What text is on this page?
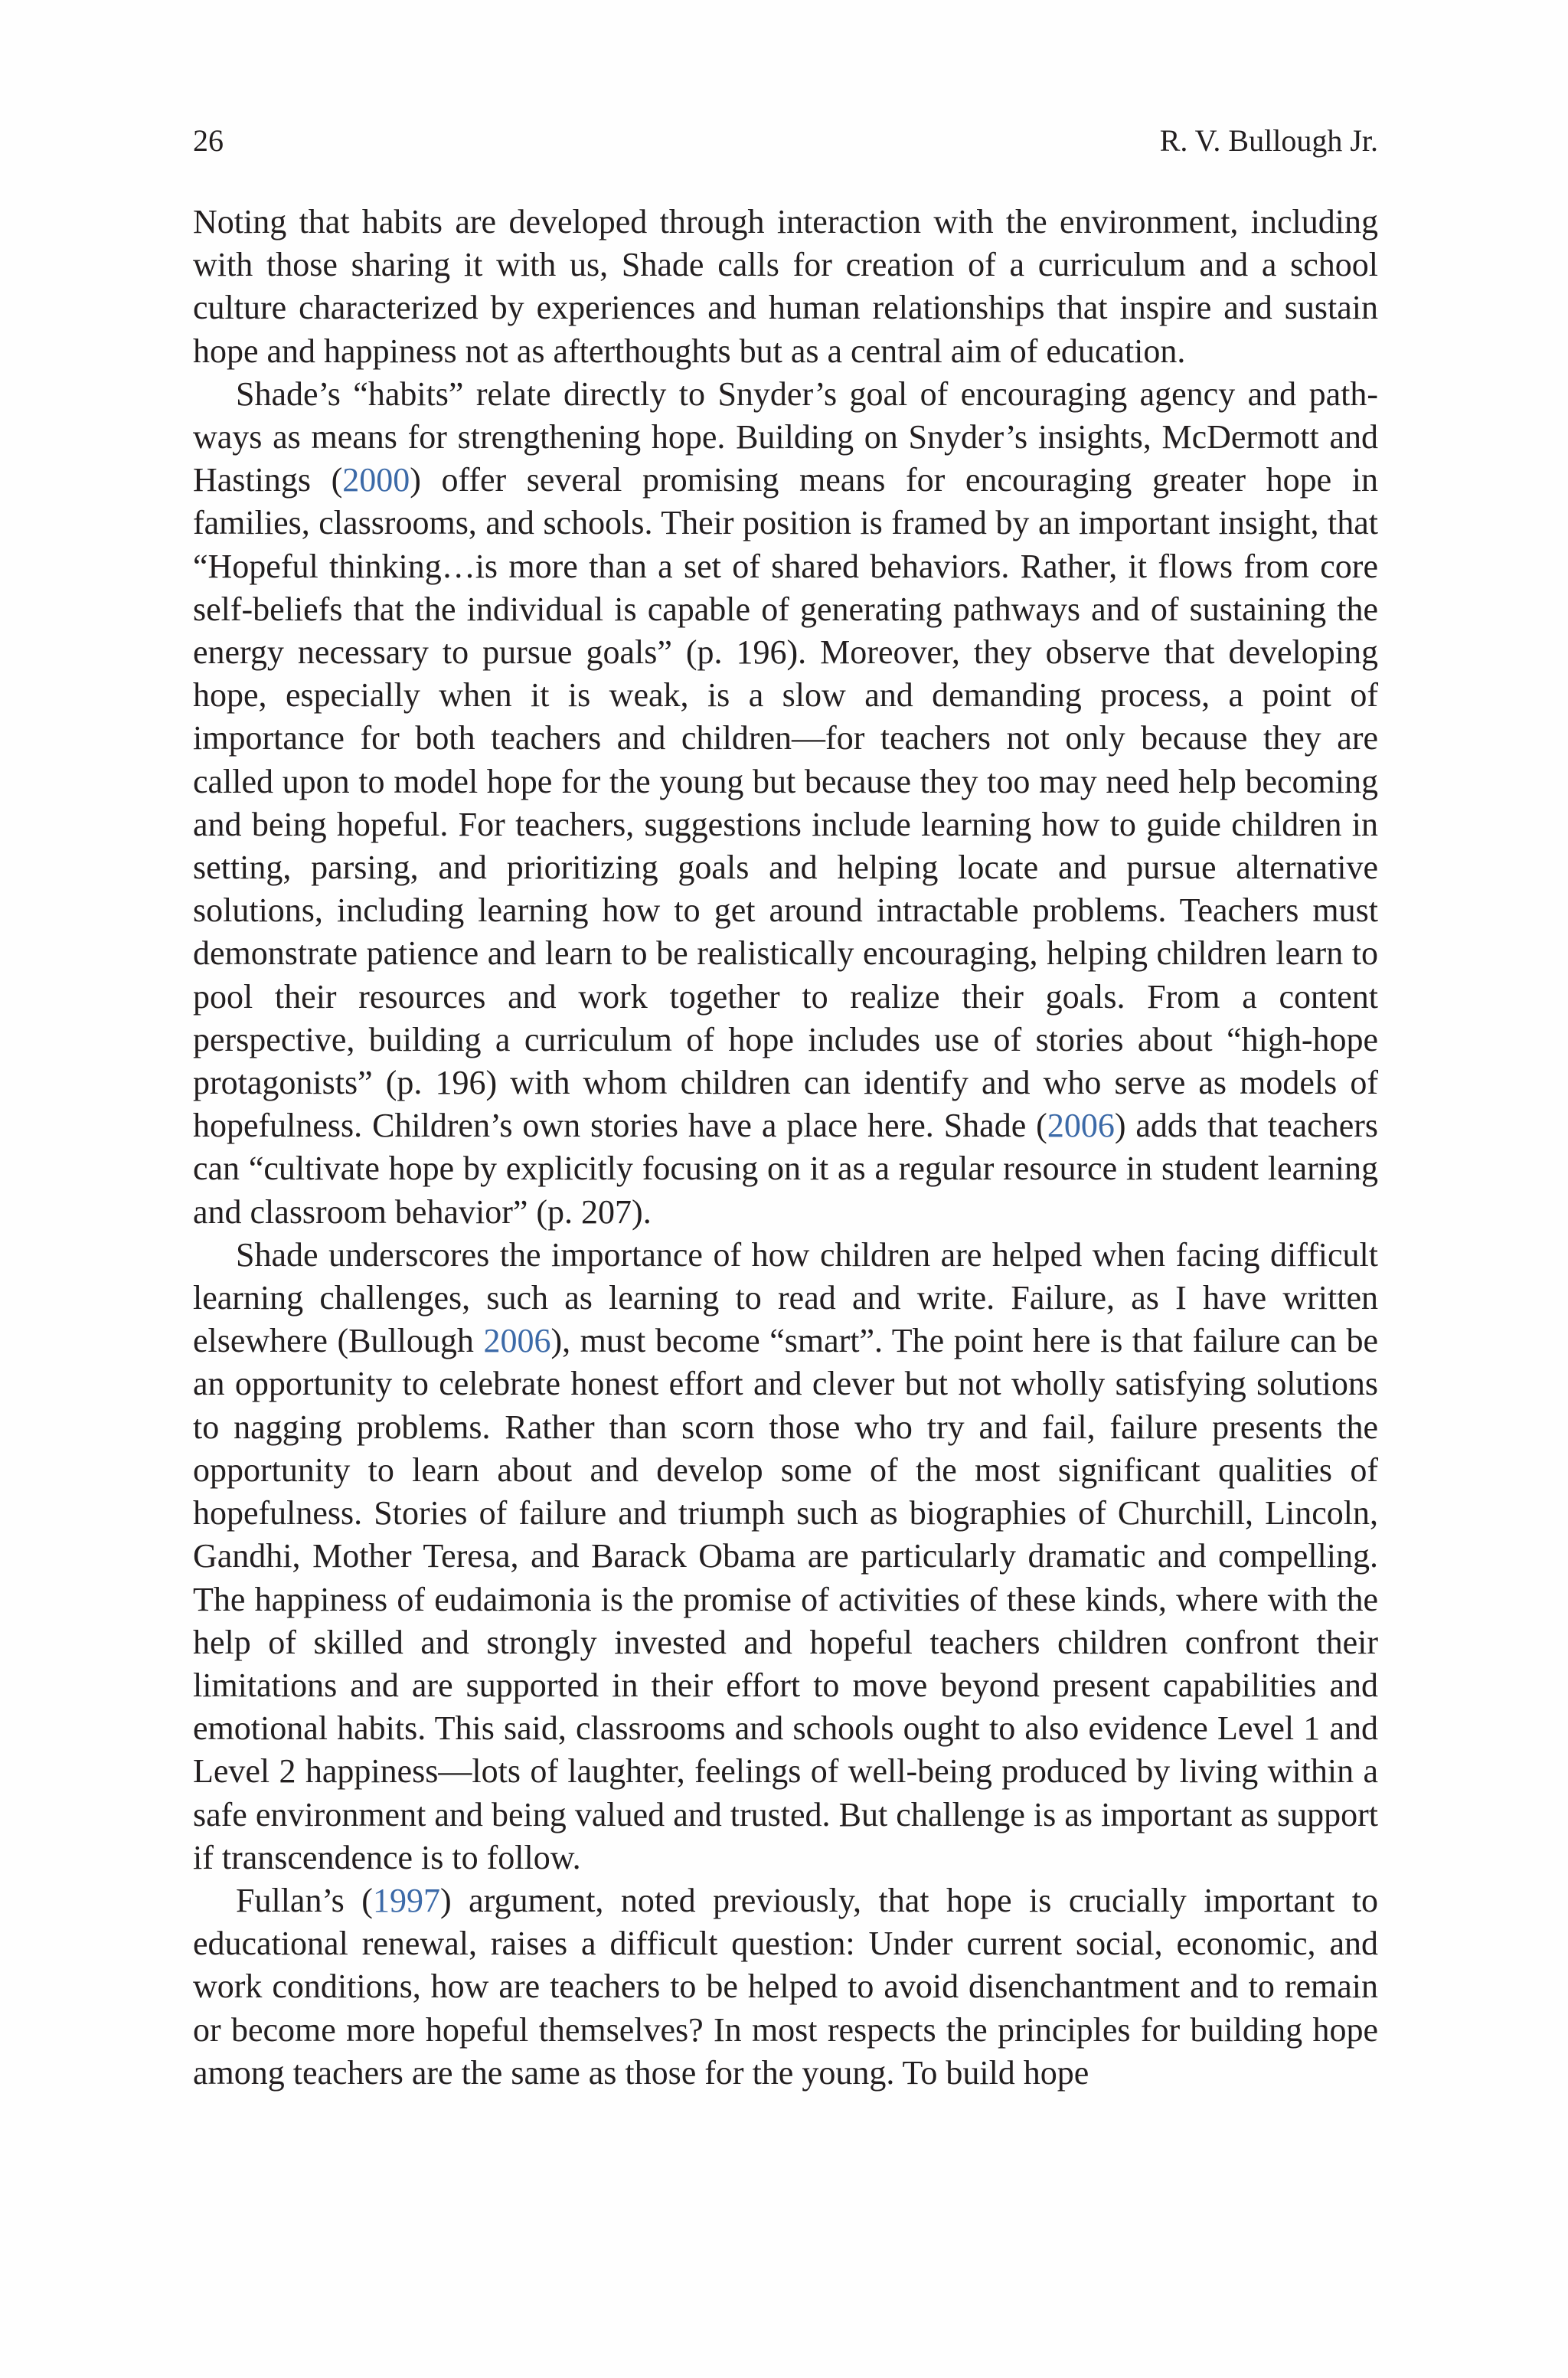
26	R. V. Bullough Jr.

Noting that habits are developed through interaction with the environment, including with those sharing it with us, Shade calls for creation of a curriculum and a school culture characterized by experiences and human relationships that inspire and sustain hope and happiness not as afterthoughts but as a central aim of education.

Shade’s “habits” relate directly to Snyder’s goal of encouraging agency and pathways as means for strengthening hope. Building on Snyder’s insights, McDermott and Hastings (2000) offer several promising means for encouraging greater hope in families, classrooms, and schools. Their position is framed by an important insight, that “Hopeful thinking…is more than a set of shared behaviors. Rather, it flows from core self-beliefs that the individual is capable of generating pathways and of sustaining the energy necessary to pursue goals” (p. 196). Moreover, they observe that developing hope, especially when it is weak, is a slow and demanding process, a point of importance for both teachers and children—for teachers not only because they are called upon to model hope for the young but because they too may need help becoming and being hopeful. For teachers, suggestions include learning how to guide children in setting, parsing, and prioritizing goals and helping locate and pursue alternative solutions, including learning how to get around intractable problems. Teachers must demonstrate patience and learn to be realistically encouraging, helping children learn to pool their resources and work together to realize their goals. From a content perspective, building a curriculum of hope includes use of stories about “high-hope protagonists” (p. 196) with whom children can identify and who serve as models of hopefulness. Children’s own stories have a place here. Shade (2006) adds that teachers can “cultivate hope by explicitly focusing on it as a regular resource in student learning and classroom behavior” (p. 207).

Shade underscores the importance of how children are helped when facing difficult learning challenges, such as learning to read and write. Failure, as I have written elsewhere (Bullough 2006), must become “smart”. The point here is that failure can be an opportunity to celebrate honest effort and clever but not wholly satisfying solutions to nagging problems. Rather than scorn those who try and fail, failure presents the opportunity to learn about and develop some of the most significant qualities of hopefulness. Stories of failure and triumph such as biographies of Churchill, Lincoln, Gandhi, Mother Teresa, and Barack Obama are particularly dramatic and compelling. The happiness of eudaimonia is the promise of activities of these kinds, where with the help of skilled and strongly invested and hopeful teachers children confront their limitations and are supported in their effort to move beyond present capabilities and emotional habits. This said, classrooms and schools ought to also evidence Level 1 and Level 2 happiness—lots of laughter, feelings of well-being produced by living within a safe environment and being valued and trusted. But challenge is as important as support if transcendence is to follow.

Fullan’s (1997) argument, noted previously, that hope is crucially important to educational renewal, raises a difficult question: Under current social, economic, and work conditions, how are teachers to be helped to avoid disenchantment and to remain or become more hopeful themselves? In most respects the principles for building hope among teachers are the same as those for the young. To build hope
